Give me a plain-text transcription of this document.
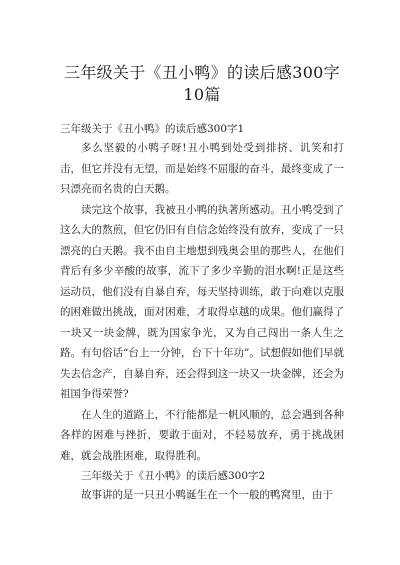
三年级关于《丑小鸭》的读后感300字10篇

三年级关于《丑小鸭》的读后感300字1

多么坚毅的小鸭子呀!丑小鸭到处受到排挤、讥笑和打击，但它并没有无望，而是始终不屈服的奋斗，最终变成了一只漂亮而名贵的白天鹅。

读完这个故事，我被丑小鸭的执著所感动。丑小鸭受到了这么大的熬煎，但它仍旧有自信念始终没有放弃，变成了一只漂亮的白天鹅。我不由自主地想到残奥会里的那些人，在他们背后有多少辛酸的故事，流下了多少辛勤的泪水啊!正是这些运动员，他们没有自暴自弃，每天坚持训练，敢于向难以克服的困难做出挑战，面对困难，才取得卓越的成果。他们赢得了一块又一块金牌，既为国家争光，又为自己闯出一条人生之路。有句俗话“台上一分钟，台下十年功”。试想假如他们早就失去信念产，自暴自弃，还会得到这一块又一块金牌，还会为祖国争得荣誉?

在人生的道路上，不行能都是一帆风顺的，总会遇到各种各样的困难与挫折，要敢于面对，不轻易放弃，勇于挑战困难，就会战胜困难，取得胜利。

三年级关于《丑小鸭》的读后感300字2

故事讲的是一只丑小鸭诞生在一个一般的鸭窝里，由于
